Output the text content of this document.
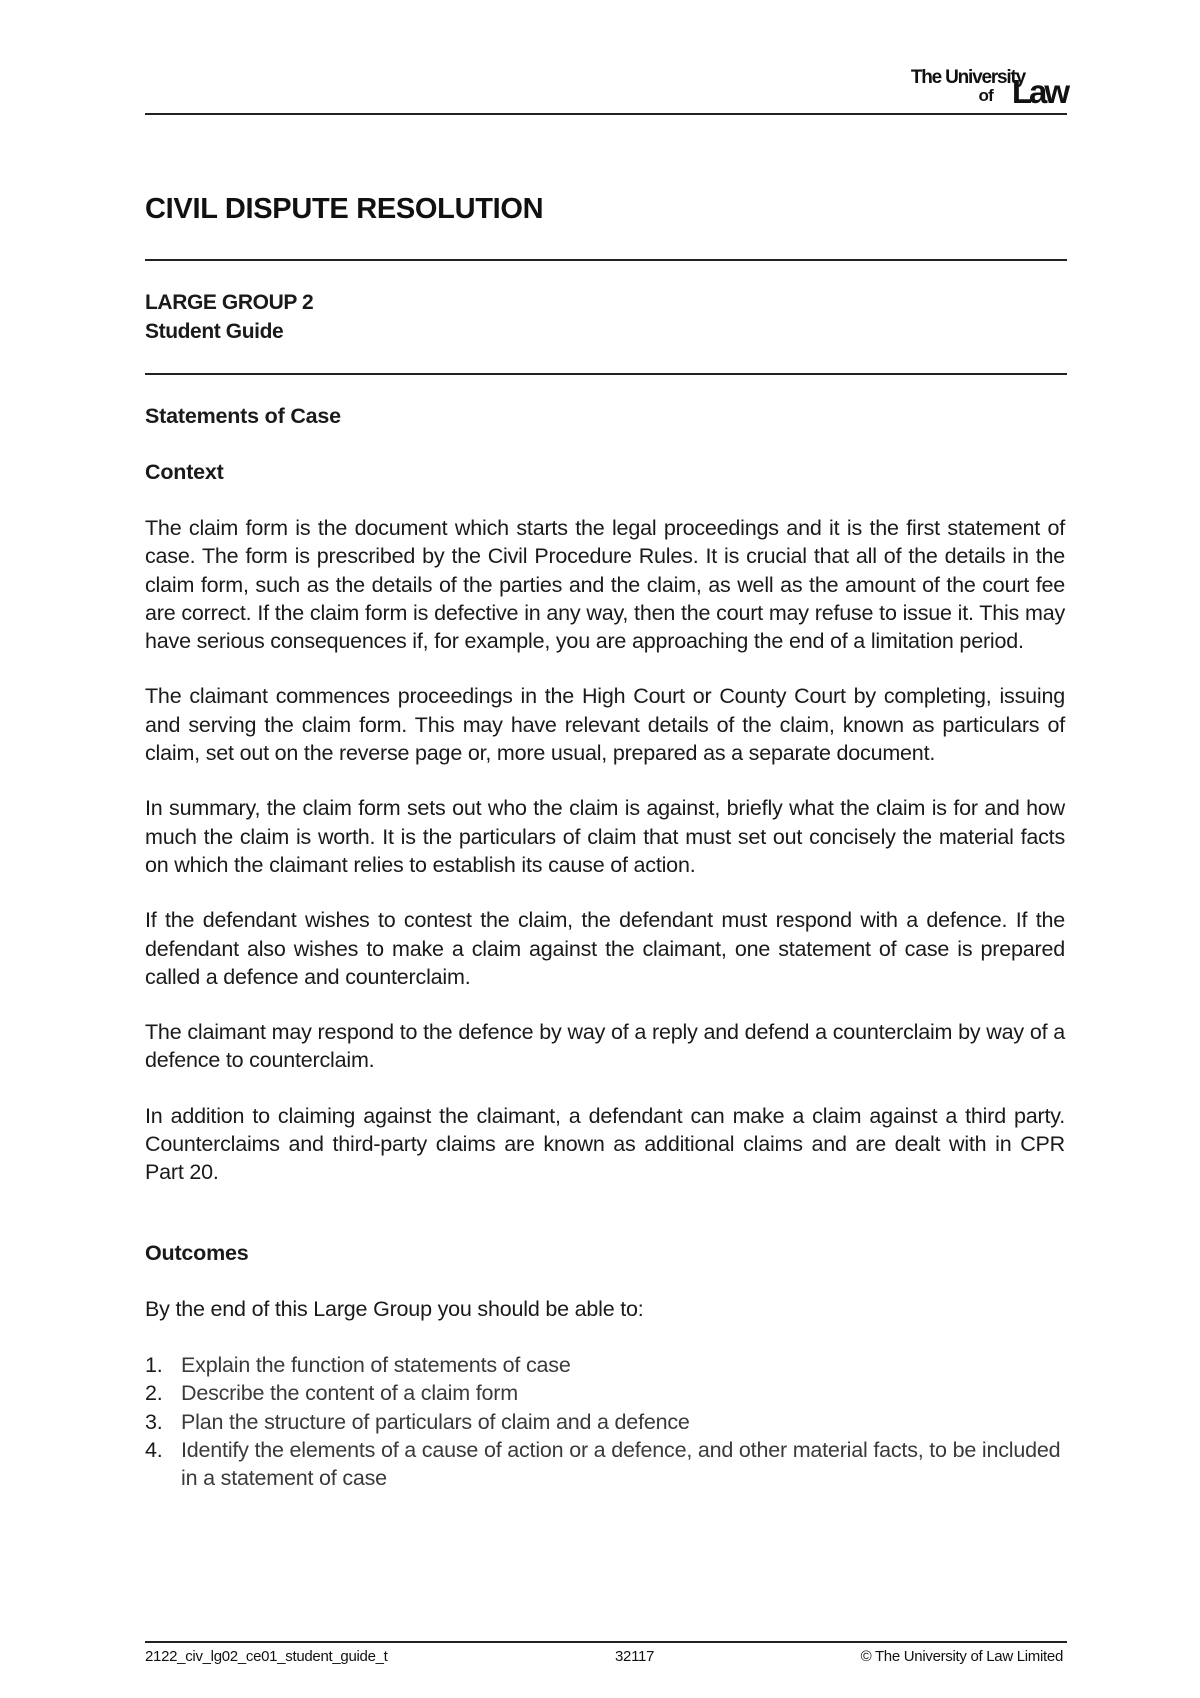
The University
of Law
CIVIL DISPUTE RESOLUTION
LARGE GROUP 2
Student Guide
Statements of Case
Context

The claim form is the document which starts the legal proceedings and it is the first statement of case. The form is prescribed by the Civil Procedure Rules. It is crucial that all of the details in the claim form, such as the details of the parties and the claim, as well as the amount of the court fee are correct. If the claim form is defective in any way, then the court may refuse to issue it. This may have serious consequences if, for example, you are approaching the end of a limitation period.

The claimant commences proceedings in the High Court or County Court by completing, issuing and serving the claim form. This may have relevant details of the claim, known as particulars of claim, set out on the reverse page or, more usual, prepared as a separate document.

In summary, the claim form sets out who the claim is against, briefly what the claim is for and how much the claim is worth. It is the particulars of claim that must set out concisely the material facts on which the claimant relies to establish its cause of action.

If the defendant wishes to contest the claim, the defendant must respond with a defence. If the defendant also wishes to make a claim against the claimant, one statement of case is prepared called a defence and counterclaim.

The claimant may respond to the defence by way of a reply and defend a counterclaim by way of a defence to counterclaim.

In addition to claiming against the claimant, a defendant can make a claim against a third party. Counterclaims and third-party claims are known as additional claims and are dealt with in CPR Part 20.

Outcomes

By the end of this Large Group you should be able to:

1. Explain the function of statements of case
2. Describe the content of a claim form
3. Plan the structure of particulars of claim and a defence
4. Identify the elements of a cause of action or a defence, and other material facts, to be included in a statement of case
2122_civ_lg02_ce01_student_guide_t	32117	© The University of Law Limited
